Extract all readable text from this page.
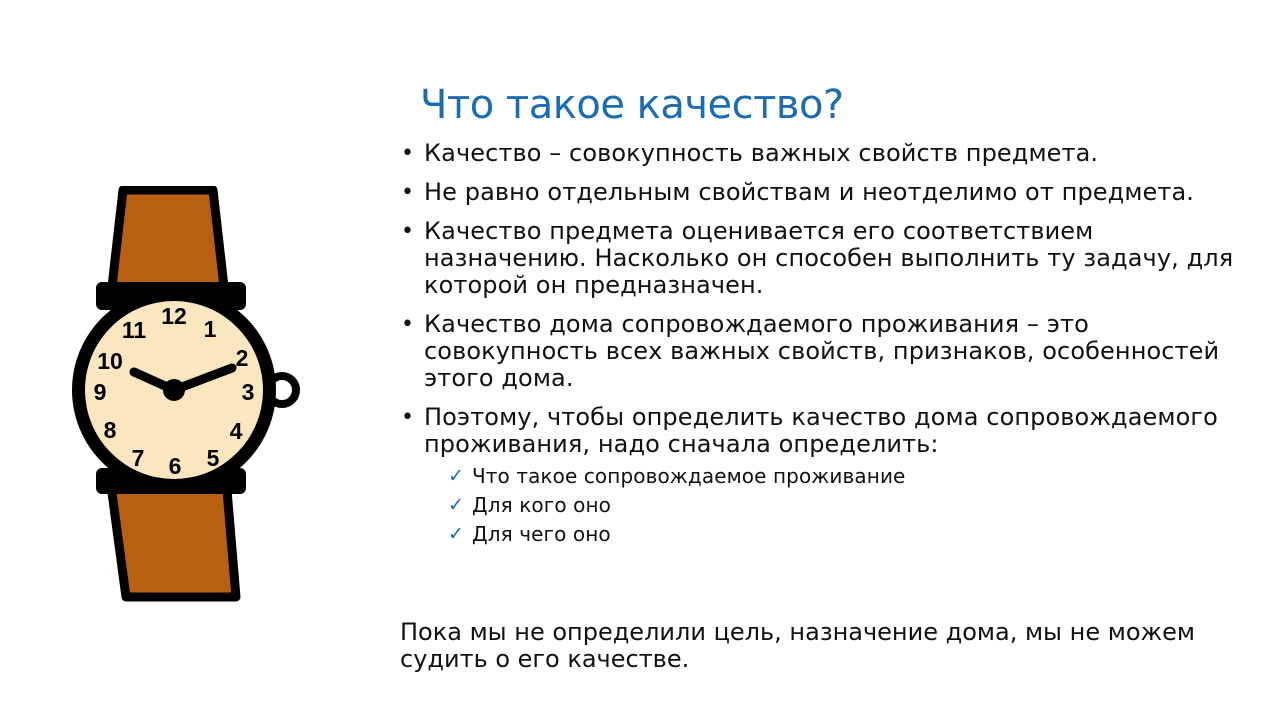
12 1
2
3
4
5
6
7
8
9
10
11
Что такое качество?
• Качество – совокупность важных свойств предмета.
• Не равно отдельным свойствам и неотделимо от предмета.
• Качество предмета оценивается его соответствием назначению. Насколько он способен выполнить ту задачу, для которой он предназначен.
• Качество дома сопровождаемого проживания – это совокупность всех важных свойств, признаков, особенностей этого дома.
• Поэтому, чтобы определить качество дома сопровождаемого проживания, надо сначала определить:
✓ Что такое сопровождаемое проживание
✓ Для кого оно
✓ Для чего оно

Пока мы не определили цель, назначение дома, мы не можем судить о его качестве.
